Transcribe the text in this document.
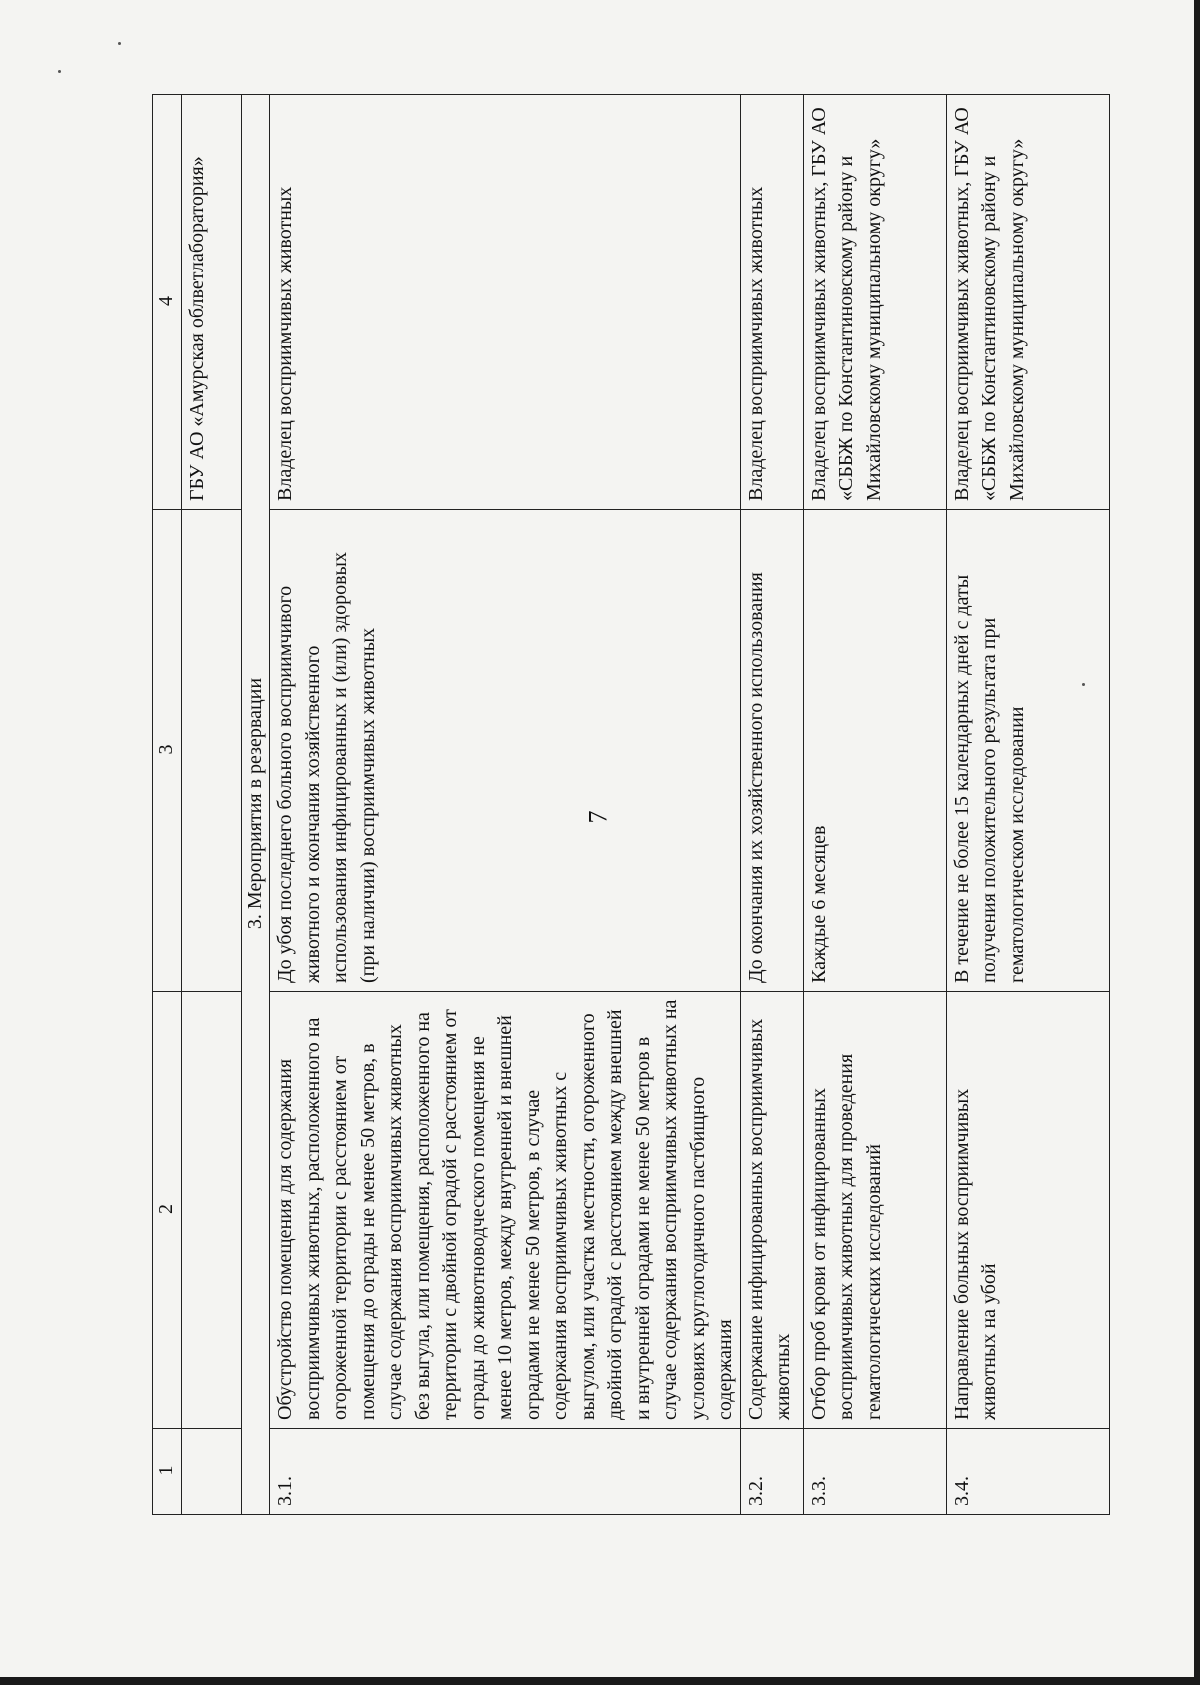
7
1	2	3	4
			ГБУ АО «Амурская облветлаборатория»
3. Мероприятия в резервации			
3.1.	Обустройство помещения для содержания восприимчивых животных, расположенного на огороженной территории с расстоянием от помещения до ограды не менее 50 метров, в случае содержания восприимчивых животных без выгула, или помещения, расположенного на территории с двойной оградой с расстоянием от ограды до животноводческого помещения не менее 10 метров, между внутренней и внешней оградами не менее 50 метров, в случае содержания восприимчивых животных с выгулом, или участка местности, огороженного двойной оградой с расстоянием между внешней и внутренней оградами не менее 50 метров в случае содержания восприимчивых животных на условиях круглогодичного пастбищного содержания	До убоя последнего больного восприимчивого животного и окончания хозяйственного использования инфицированных и (или) здоровых (при наличии) восприимчивых животных	Владелец восприимчивых животных
3.2.	Содержание инфицированных восприимчивых животных	До окончания их хозяйственного использования	Владелец восприимчивых животных
3.3.	Отбор проб крови от инфицированных восприимчивых животных для проведения гематологических исследований	Каждые 6 месяцев	Владелец восприимчивых животных, ГБУ АО «СББЖ по Константиновскому району и Михайловскому муниципальному округу»
3.4.	Направление больных восприимчивых животных на убой	В течение не более 15 календарных дней с даты получения положительного результата при гематологическом исследовании	Владелец восприимчивых животных, ГБУ АО «СББЖ по Константиновскому району и Михайловскому муниципальному округу»
